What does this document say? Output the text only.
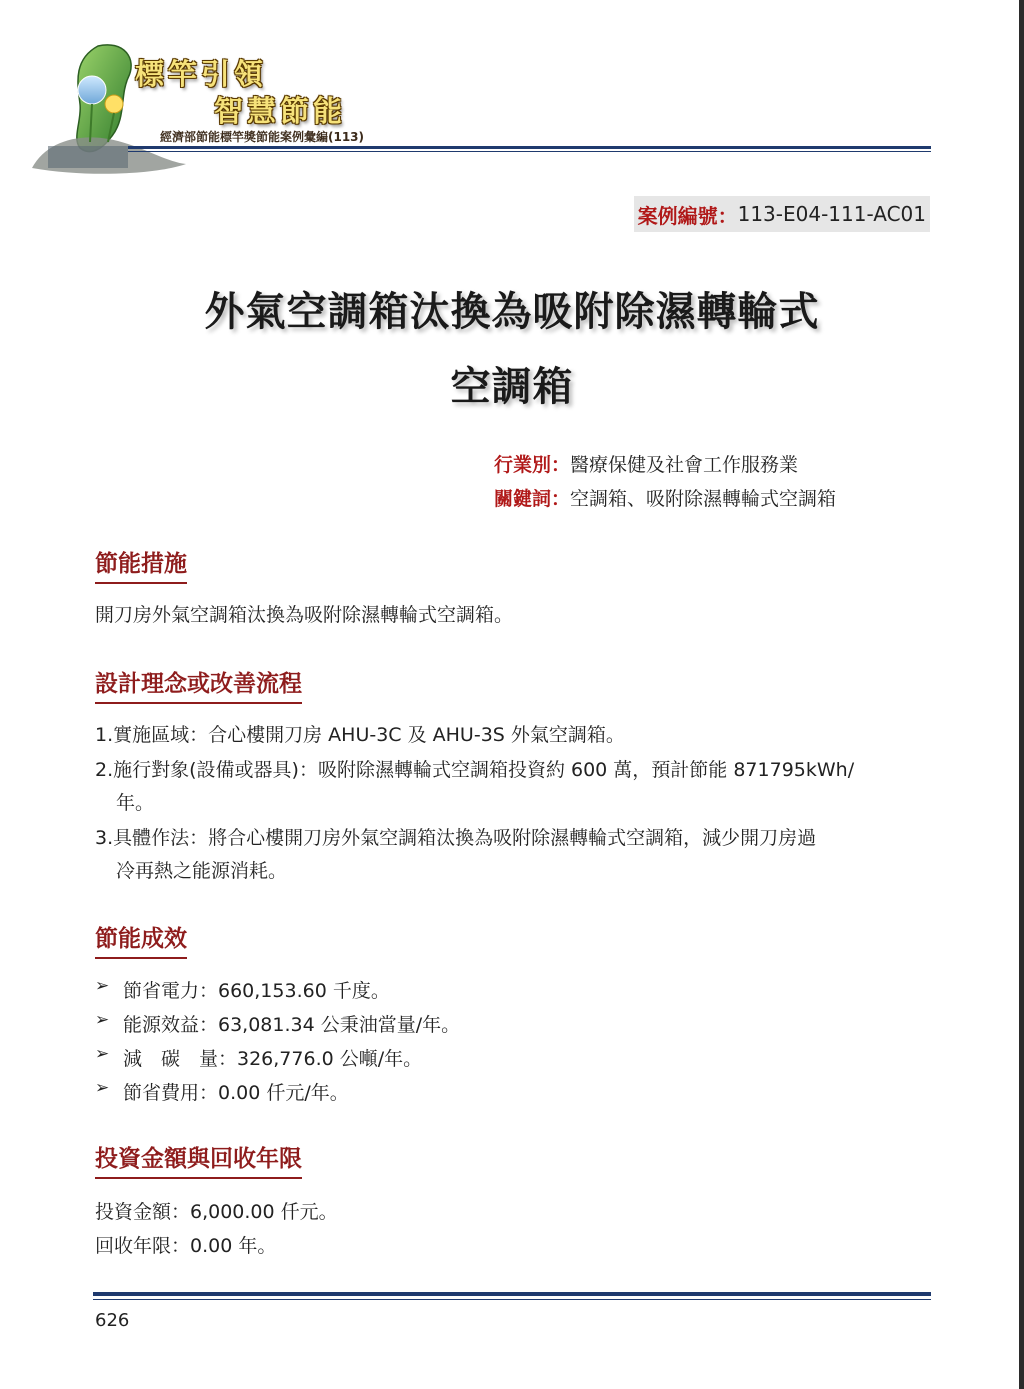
標竿引領
智慧節能
經濟部節能標竿獎節能案例彙編(113)
案例編號： 113-E04-111-AC01
外氣空調箱汰換為吸附除濕轉輪式
空調箱
行業別：醫療保健及社會工作服務業
關鍵詞：空調箱、吸附除濕轉輪式空調箱
節能措施
開刀房外氣空調箱汰換為吸附除濕轉輪式空調箱。
設計理念或改善流程
1.實施區域：合心樓開刀房 AHU-3C 及 AHU-3S 外氣空調箱。
2.施行對象(設備或器具)：吸附除濕轉輪式空調箱投資約 600 萬，預計節能 871795kWh/
年。
3.具體作法：將合心樓開刀房外氣空調箱汰換為吸附除濕轉輪式空調箱，減少開刀房過
冷再熱之能源消耗。
節能成效
➢ 節省電力：660,153.60 千度。
➢ 能源效益：63,081.34 公秉油當量/年。
➢ 減　碳　量：326,776.0 公噸/年。
➢ 節省費用：0.00 仟元/年。
投資金額與回收年限
投資金額：6,000.00 仟元。
回收年限：0.00 年。
626
